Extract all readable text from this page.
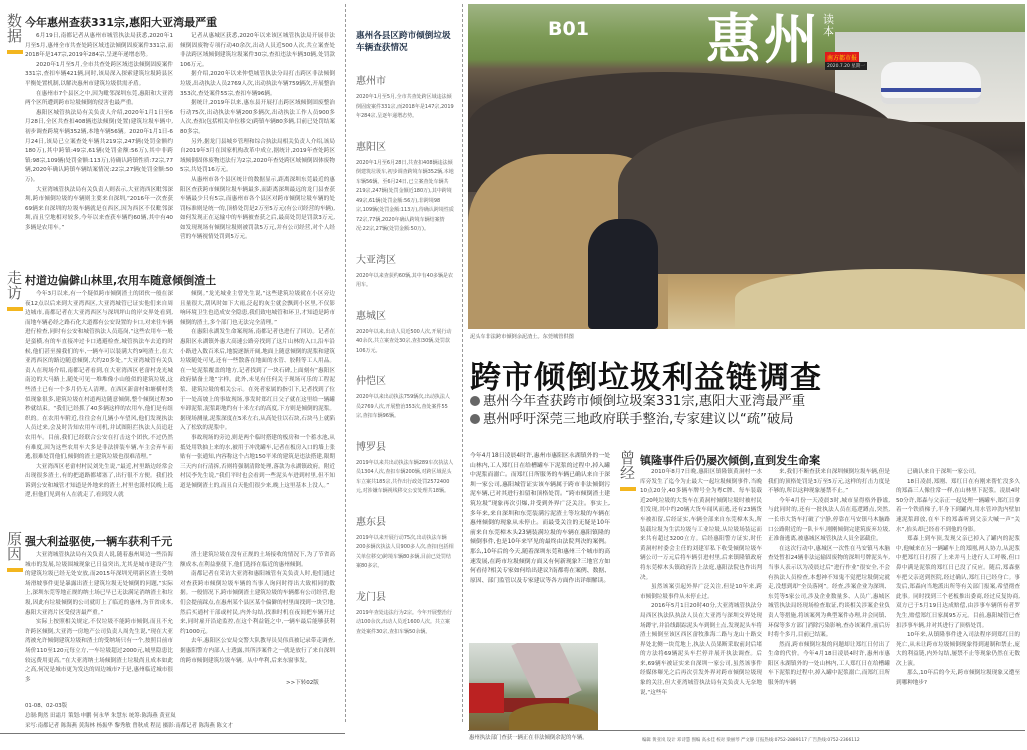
数据
今年惠州查获331宗,惠阳大亚湾最严重

6月19日,南都记者从惠州市城管执法局获悉,2020年1月至5月,惠州全市共查处跨区域违法倾倒固废案件331宗,而2018年是147宗,2019年284宗,呈逐年递增态势。

2020年1月至5月,全市共查处跨区域违法倾倒固废案件331宗,查扣车辆421辆,同时,该局深入探索建筑垃圾跨县区平衡处置机制,以解决惠州市建筑垃圾供需矛盾。

在惠州市7个县区之中,因为毗邻深圳东莞,惠阳和大亚湾两个区所遭到跨市垃圾倾倒的侵害也最严重。

惠阳区城管执法局有关负责人介绍,2020年1月1日至6月28日,全区共查扣408辆违法倾倒(处置)建筑垃圾车辆中,初步调查跨境车辆352辆,本地车辆56辆。2020年1月1日-6月24日,该局已立案查处车辆共219宗,247辆(处罚金额约180万),其中跨镇:49宗,61辆(处罚金额:56万),其中非跨镇:98宗,109辆(处罚金额:113万),待确认跨镇性质:72宗,77辆,2020年确认跨镇车辆结案情况:22宗,27辆(处罚金额:50万)。

大亚湾城管执法局有关负责人则表示,大亚湾西区毗邻深圳,跨市倾倒垃圾的车辆则主要来自深圳,“2016年一次查获69辆来自深圳的垃圾车辆就是在西区,因为西区不仅毗邻深圳,而且空地相对较多,今年以来查获车辆约60辆,其中有40多辆是农用车。”

记者从惠城区获悉,2020年以来该区城管执法局开展非法倾倒固废物专项行动40余次,出动人员近500人次,共立案查处非法跨区域倾倒建筑垃圾案件30宗,查扣违法车辆30辆,处罚款106万元。

据介绍,2020年以来仲恺城管执法分局打击跨区非法倾倒垃圾,出动执法人员2769人次,出动执法车辆759辆次,开展整治353次,查处案件55宗,查扣车辆96辆。

据统计,2019年以来,惠东县开展打击跨区域倾倒固废整治行动75次,出动执法车辆200多辆次,出动执法工作人员900多人次,查扣(包括相关单位移交)跨镇车辆80多辆,目前已处罚结案80多宗。

另外,据龙门县城乡管理和综合执法局相关负责人介绍,该局自2019年3月在国家机构改革中成立,据统计,2019年查处跨区域倾倒固体废物违法行为2宗,2020年查处跨区域倾倒固体废物5宗,共处罚16万元。

从惠州市各个县区统计的数据显示,距离深圳东莞最近的惠阳区查获跨市倾倒垃圾车辆最多,而距离深圳最远的龙门县查获车辆最少只有5宗,而惠州市各个县区对跨市倾倒垃圾车辆的处罚标准则是统一的,顶格处罚是2万至5万元(有公司经营的车辆),如何发现正在运输中的车辆被查获之后,最高处罚是罚款3万元,如发现现场有倾倒垃圾则被罚款5万元,并有公司经营,对个人经营的车辆视情处罚到5万元。

走访
村道边偏僻山林里,农用车随意倾倒渣土

今年3月以来,有一个疑似跨市倾倒渣土的团伙一般在深夜12点以后来到大亚湾西区,大亚湾城管已证实他们来自周边城市,南都记者在大亚湾西区与深圳坪山的岸交界处看到,而地车辆必经之路石化大道都有公安设置的卡口,对来往车辆进行检查,同时有公安和城管执法人员巡岗,“这些农用车一般是蛮横,有的车直接冲过卡口逃避检查,城管执法车去追的时候,他们甚至撞我们的车,一辆车可以装满大约9吨渣土,在大亚湾西区的路边随意倾倒,大约20多处。”大亚湾城管有关负责人在现场介绍,南都记者看到,在大亚湾西区老畲村龙光城南边的大马路上,随处可见一堆堆像小山般似的建筑垃圾,这些渣土已有一个多月仍无人清理。在西区新畲村和塘横村类似现象很多,建筑垃圾在村道两边随意倾倒,整个倾倒过程30秒就结束。“我们已经抓了40多辆这样的农用车,他们是有组织的。在农用车附近,往往会有几辆小车望风,他们发现执法人员过来,会及时告知农用车司机,并试图阻拦执法人员追赶农用车。目前,我们已经联合公安在打击这个团伙,不过仍然有难度,因为这些农用车大多是非法拼装车辆,车主会弃车而逃,很难处罚他们,倾倒的渣土建筑垃圾也很难清理。”

大亚湾西区老畲村村民刘先生说,“最近,村里路边经常会出现很多渣土,有的把道路都堵塞了,出行很不方便。我们投诉到公安和城管才知道是外地来的渣土,村里也派村民晚上巡逻,但他们见到有人在就走了,看到没人就

倾倒。”龙光城业主曾先生说,“这些建筑垃圾就在小区旁边且量很大,刮风时如下大雨,泛起的灰尘就会飘到小区里,不仅影响环境卫生也造成安全隐患,我们致电城管和环卫,才知道是跨市倾倒的渣土,多个部门也无法完全清理。”

在惠阳永湖发生命案现场,南都记者也进行了回访。记者在惠阳区永湖镇外惠大高速公路旁找到了这片山林的入口,沿车沿小路进入数百米后,地貌逐渐开阔,地面上随意倾倒的泥浆和建筑垃圾随处可见,还有一些散落在地面的水管、胶鞋等工人用品。在一处泥浆覆盖的地方,记者找到了一块石碑,上面刻有“惠阳区政府储备土地”字样。此外,未见有任何关于现场可乐的工程泥浆、建筑垃圾的相关公示。在死者家属的指引下,记者找到了位于一处高坡上的事故现场,事发时郑红日父子就在这里给一辆罐车卸泥浆,泥浆距地约有十米左右的高度,下方则是倾倒的泥浆。据现场测量,泥浆深度在5米左右,从高处往以石块,石块马上就陷入了松软的泥浆中。

事故现场的旁边,则是两个临时搭建的板房和一个蓄水池,从抵处用铁抽上来的水,被用于冲洗罐车,记者在板房入口的墙上张贴有一张通知,内容称这个占地150平米的建筑是违法搭建,限期三天内自行清拆,否则将强制清除处理,落款为永湖镇政府。附近村民李先生说,“我们平时也会看到一些泥头车进到村里,但不知道是倾倒渣土的,而且白天他们很少来,晚上这里基本上没人。”

原因
强大利益驱使,一辆车获利千元

大亚湾城管执法局有关负责人说,随着惠州周边一些沿海城市的发展,垃圾围城现象已日益突出,尤其是城市建设产生的建筑垃圾已经无处安放,而2015年深圳光明新区渣土受纳场滑坡事件更是暴露出渣土建筑垃圾无处倾倒的问题,“实际上,深圳东莞等地正规的纳土场已早已无法满足消纳渣土和垃圾,因此有垃圾倾倒的公司就盯上了临近的惠州,为节省成本,惠阳大亚湾片区受侵害最严重。”

实际上按照相关规定,不仅垃圾不能跨市倾倒,而且不允许跨区倾倒,大亚湾一房地产公司负责人周先生说,“现在大亚湾被允许倾倒建筑垃圾和渣土的受纳场只有一个,按照目前市场价110至120元每立方,一车垃圾超过2000元,城里隐患比较远费用更高。”在大亚湾纳土场倾倒渣土垃圾尚且成本如此之高,何况是城市更为发达的周边城市?于是,惠州临近城市很多

渣土建筑垃圾在没有正规的土场接收的情况下,为了节省高额成本,在利益驱使下,他们选择在临近的惠州倾倒。

南都记者在采访大亚湾和惠阳城管有关负责人时,他们通过对查获跨市倾倒垃圾车辆的当事人询问时得出大致相同的数据。一般情况下,跨市倾倒渣土建筑垃圾的车辆都有公司经营,他们会提前踩点,在惠州某个县区某个偏僻的村里面找到一块空地,然后买通村干部或村民,内外勾结,找准时机在夜间把车辆开过来,同时雇开沿途监控,在这个利益链之中,一辆车最后能够获利约1000元。

去年,惠阳区公安局交警大队教导员吴伟真被记录带走调查,据惠阳警方内部人士透露,其所涉案件之一就是放行了来自深圳的跨市倾倒建筑垃圾车辆。从中牟利,后来东窗事发。

>>下转02版
01-08、02-03版
总制:陶然 田霜月 策划:申鹏 何永华 朱慧东 统筹:陈海燕 黄亚岚
采写:南都记者 陈海燕 黄海林 杨振华 黎秀敏 曾秋成 程昆 摄影:南都记者 陈海燕 陈文才
惠州各县区跨市倾倒垃圾车辆查获情况
惠州市
2020年1月至5月,全市共查处跨区域违法倾倒固废案件331宗,而2018年是147宗,2019年284宗,呈逐年递增态势。
惠阳区
2020年1月至6月28日,共查扣408辆违法倾倒建筑垃圾车,初步调查跨境车辆352辆,本地车辆56辆。至6月24日,已立案查处车辆共219宗,247辆(处罚金额近180万),其中跨境49宗,61辆(处罚金额:56万),非跨境98宗,109辆(处罚金额:113万),待确认跨境性质72宗,77辆,2020年确认跨境车辆结案情况:22宗,27辆(处罚金额:50万)。
大亚湾区
2020年以来查获约60辆,其中有40多辆是农用车。
惠城区
2020年以来,出动人员近500人次,开展行动40余次,共立案查处30宗,查扣30辆,处罚款106万元。
仲恺区
2020年以来出动执法759辆次,出动执法人员2769人次,开展整治353次,查处案件55宗,查扣车辆96辆。
博罗县
2019年以来共出动执法车辆289车次执法人员1304人次,查扣车辆200辆,对跨区域泥头车立案共185宗,共作出行政处罚2572400元,对涉嫌车辆视线移交公安处理共18辆。
惠东县
2019年以来开展行动75次,出动执法车辆200多辆次执法人员900多人次,查扣(包括相关单位移交)跨境车辆80多辆,目前已处罚结案80多宗。
龙门县
2019年查处违法行为2宗。今年开展整治行动100余次,出动人员近1600人次。共立案查处案件30宗,查扣车辆50余辆。
B01 惠州 读本
南方都市报
2020.7.20 星期一
泥头车非法跨市倾倒余泥渣土。东莞城管供图
跨市倾倒垃圾利益链调查
惠州今年查获跨市倾倒垃圾案331宗,惠阳大亚湾最严重
惠州呼吁深莞三地政府联手整治,专家建议以“疏”破局
今年4月18日凌晨4时许,惠州市惠阳区永湖镇外的一处山林内,工人郑红日在给槽罐车下泥浆的过程中,掉入罐中泥浆而溺亡。而郑红日所服务的车辆已确认来自于深圳一家公司,惠阳城管证实该车辆属于跨市非法倾倒污泥车辆,已对其进行扣留和顶格处罚。“跨市倾倒渣土建筑垃圾”现象再次引爆,并受到外界广泛关注。事实上,多年来,来自深圳和东莞装满污泥渣土等垃圾的车辆在惠州倾倒的现象从未停止。而最受关注的无疑是10年前来自东莞樟木头23辆装满垃圾的车辆在惠阳镇隆的倾倒事件,也是10年来罕见的最终由法院判决的案例。那么,10年后的今天,随着深圳东莞和惠州三个城市的高速发展,在跨市垃圾倾倒方面又有何新现象?三地官方如何看待?相关专家如何给出建议?南都将在案例、数据、原因、部门监管以及专家建议等各方面作出详细解读。
惠州执法部门查获一辆正在非法倾倒余泥的车辆。
曾经
镇隆事件后仍屡次倾倒,直到发生命案

2010年8月7日晚,惠阳区镇隆镇黄洞村一水库旁发生了迄今为止最大一起垃圾倾倒事件,当晚10点20分,40多辆车牌号全为粤C牌、每车装载近20吨垃圾的大货车在黄洞村倾倒垃圾时被村民们发现,其中约20辆大货车闻风而逃,还有23辆货车被扣留,后经证实,车辆全部来自东莞樟木头,所装载垃圾为生活垃圾与工业垃圾,从垃圾场装运而来共有超过3200立方。后经惠阳警方证实,时任黄洞村村委会主任的刘建军私下收受倾倒垃圾车辆公司一万元后将车辆引进村里,后来镇隆镇政府将东莞樟木头镇政府告上法庭,惠阳法院也作出判决。

虽然该案引起外界广泛关注,但是10年来,跨市倾倒垃圾事件从未停止过。

2016年5月1日20时40分,大亚湾城管执法分局西区执法队执法人员在大亚湾与深圳交界处现场蹲守,并沿线跟踪泥头车到倒土点,发现泥头车将渣土倾倒至该区西区畲牧淮海二路与龙山十路交界处北侧一块荒地上,执法人员果断采取前封后堵的方法将69辆泥头车拦停并展开执法调查。后来,69辆车被证实来自深圳一家公司,虽然该事件经媒体曝光之后再次引发外界对跨市倾倒垃圾现象的关注,但大亚湾城管执法局有关负责人无奈地说,“这些年

来,我们不断查获来自深圳倾倒垃圾车辆,但是我们的顶格处罚是3万至5万元,这样的打击力度是不够的,所以这种现象屡禁不止。”

今年4月份一天凌晨3时,城市显得格外静谧,与此同时的,还有一批执法人员在巡逻蹲点,突然,一长串大货车打破了宁静,停靠在马安镇马木脑路口公路附近的一队卡车,刚刚倾倒完建筑废弃垃圾,正准备逃离,被惠城区城管执法人员全部截住。

在这次行动中,惠城区一次性在马安镇马木脑查处暂扣24辆非法运输固废物的深圳号牌泥头车,当事人表示以为凌晨过后“进行作业”很安全,不会有执法人员检查,本想神不知鬼不觉把垃圾倒完就走,没想到却“全员落网”。经查,涉案企业为深圳、东莞等5家公司,涉及企业数量多、人员广,惠城区城管执法局经现场检查取证,约谈相关涉案企业负责人等措施,将该案列为典型案件办理,并会同镇、环保等多方部门消除污染影响,查办该案件,前后历时将个多月,目前已结案。

然而,跨市倾倒垃圾的问题却让郑红日付出了生命的代价。今年4月18日凌晨4时许,惠州市惠阳区永湖镇外的一处山林内,工人郑红日在给槽罐车下泥浆的过程中,掉入罐中泥浆溺亡,而郑红日所服务的车辆

已确认来自于深圳一家公司。

18日凌晨,郑刚、郑红日在有刚来帮忙没多久的郑森三人像往常一样,在山林里下泥浆。凌晨4时50分许,郑森与父亲正一起处理一辆罐车,郑红日拿着一个铁质梯子,半身下到罐内,用水管冲洗内壁加速泥浆卸放,在车下的郑森听到父亲大喊一声“关水”,抬头却已经看不到他的身影。

郑森上到车顶,发现父亲已掉入了罐内的泥浆中,他喊来在另一辆罐车上的郑刚,两人协力,从泥浆中把郑红日打捞了上来并马上进行人工呼吸,但口鼻中满是泥浆的郑红日已没了反应。随后,郑森驱车把父亲送到医院,经过确认,郑红日已经身亡。事发后,郑森向当地派出所等有关部门报案,希望彻查此事。同时找到三个老板推出委商,经过反复协商,双方已于5月19日达成赔偿,由涉事车辆所有者罗先生,赔偿郑红日家属95万元。目前,惠阳城管已查扣涉事车辆,并对其进行了顶格处罚。

10年来,从镇隆事件进入司法程序到郑红日的死亡,从未让跨市垃圾倾倒现象得到遏制和禁止,庞大的利益链,内外勾结,屡禁不止等现象仍然在无数次上演。

那么,10年后的今天,跨市倾倒垃圾现象又遭至到哪种地步?

编辑 黄亚岚 设计 邓诗慧 图编 高永佳 校对 梁丽琴 严文静 订报热线:0752-2889117 广告热线:0752-2366112
